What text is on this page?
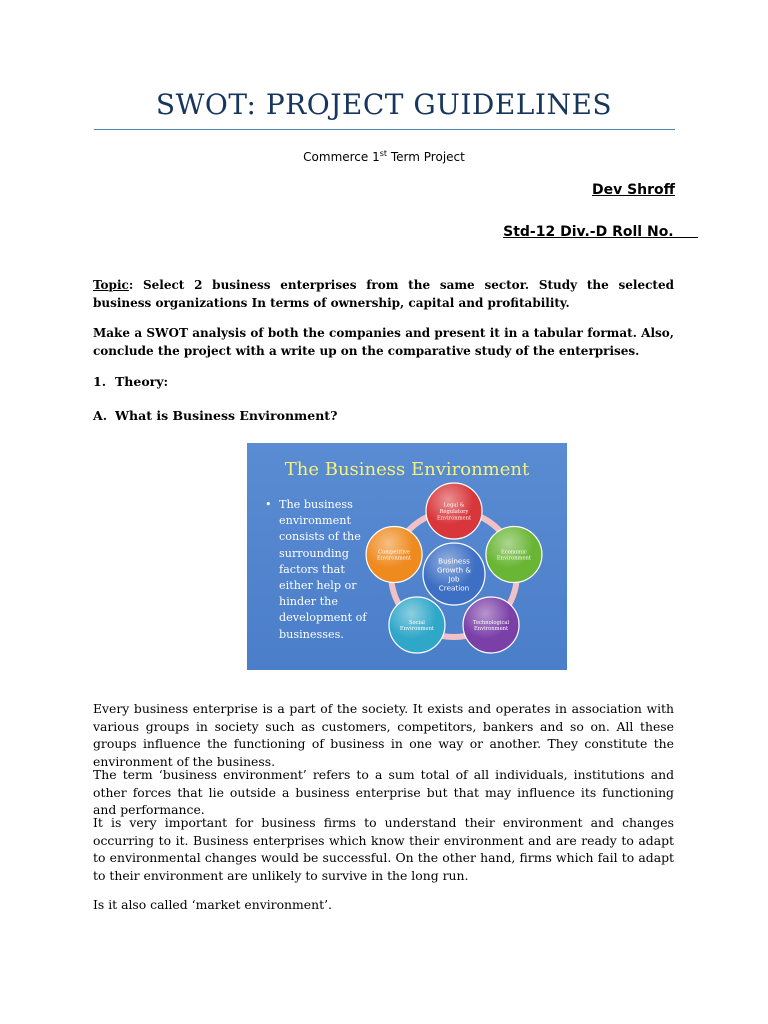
SWOT: PROJECT GUIDELINES
Commerce 1st Term Project
Dev Shroff
Std-12 Div.-D Roll No.
Topic: Select 2 business enterprises from the same sector. Study the selected business organizations In terms of ownership, capital and profitability.
Make a SWOT analysis of both the companies and present it in a tabular format. Also, conclude the project with a write up on the comparative study of the enterprises.
1. Theory:
A. What is Business Environment?
The Business Environment
• The business environment consists of the surrounding factors that either help or hinder the development of businesses.
Legal &
Regulatory
Environment
Economic
Environment
Technological
Environment
Social
Environment
Competitive
Environment	Business
Growth &
Job
Creation
Every business enterprise is a part of the society. It exists and operates in association with various groups in society such as customers, competitors, bankers and so on. All these groups influence the functioning of business in one way or another. They constitute the environment of the business.
The term ‘business environment’ refers to a sum total of all individuals, institutions and other forces that lie outside a business enterprise but that may influence its functioning and performance.
It is very important for business firms to understand their environment and changes occurring to it. Business enterprises which know their environment and are ready to adapt to environmental changes would be successful. On the other hand, firms which fail to adapt to their environment are unlikely to survive in the long run.
Is it also called ‘market environment’.
